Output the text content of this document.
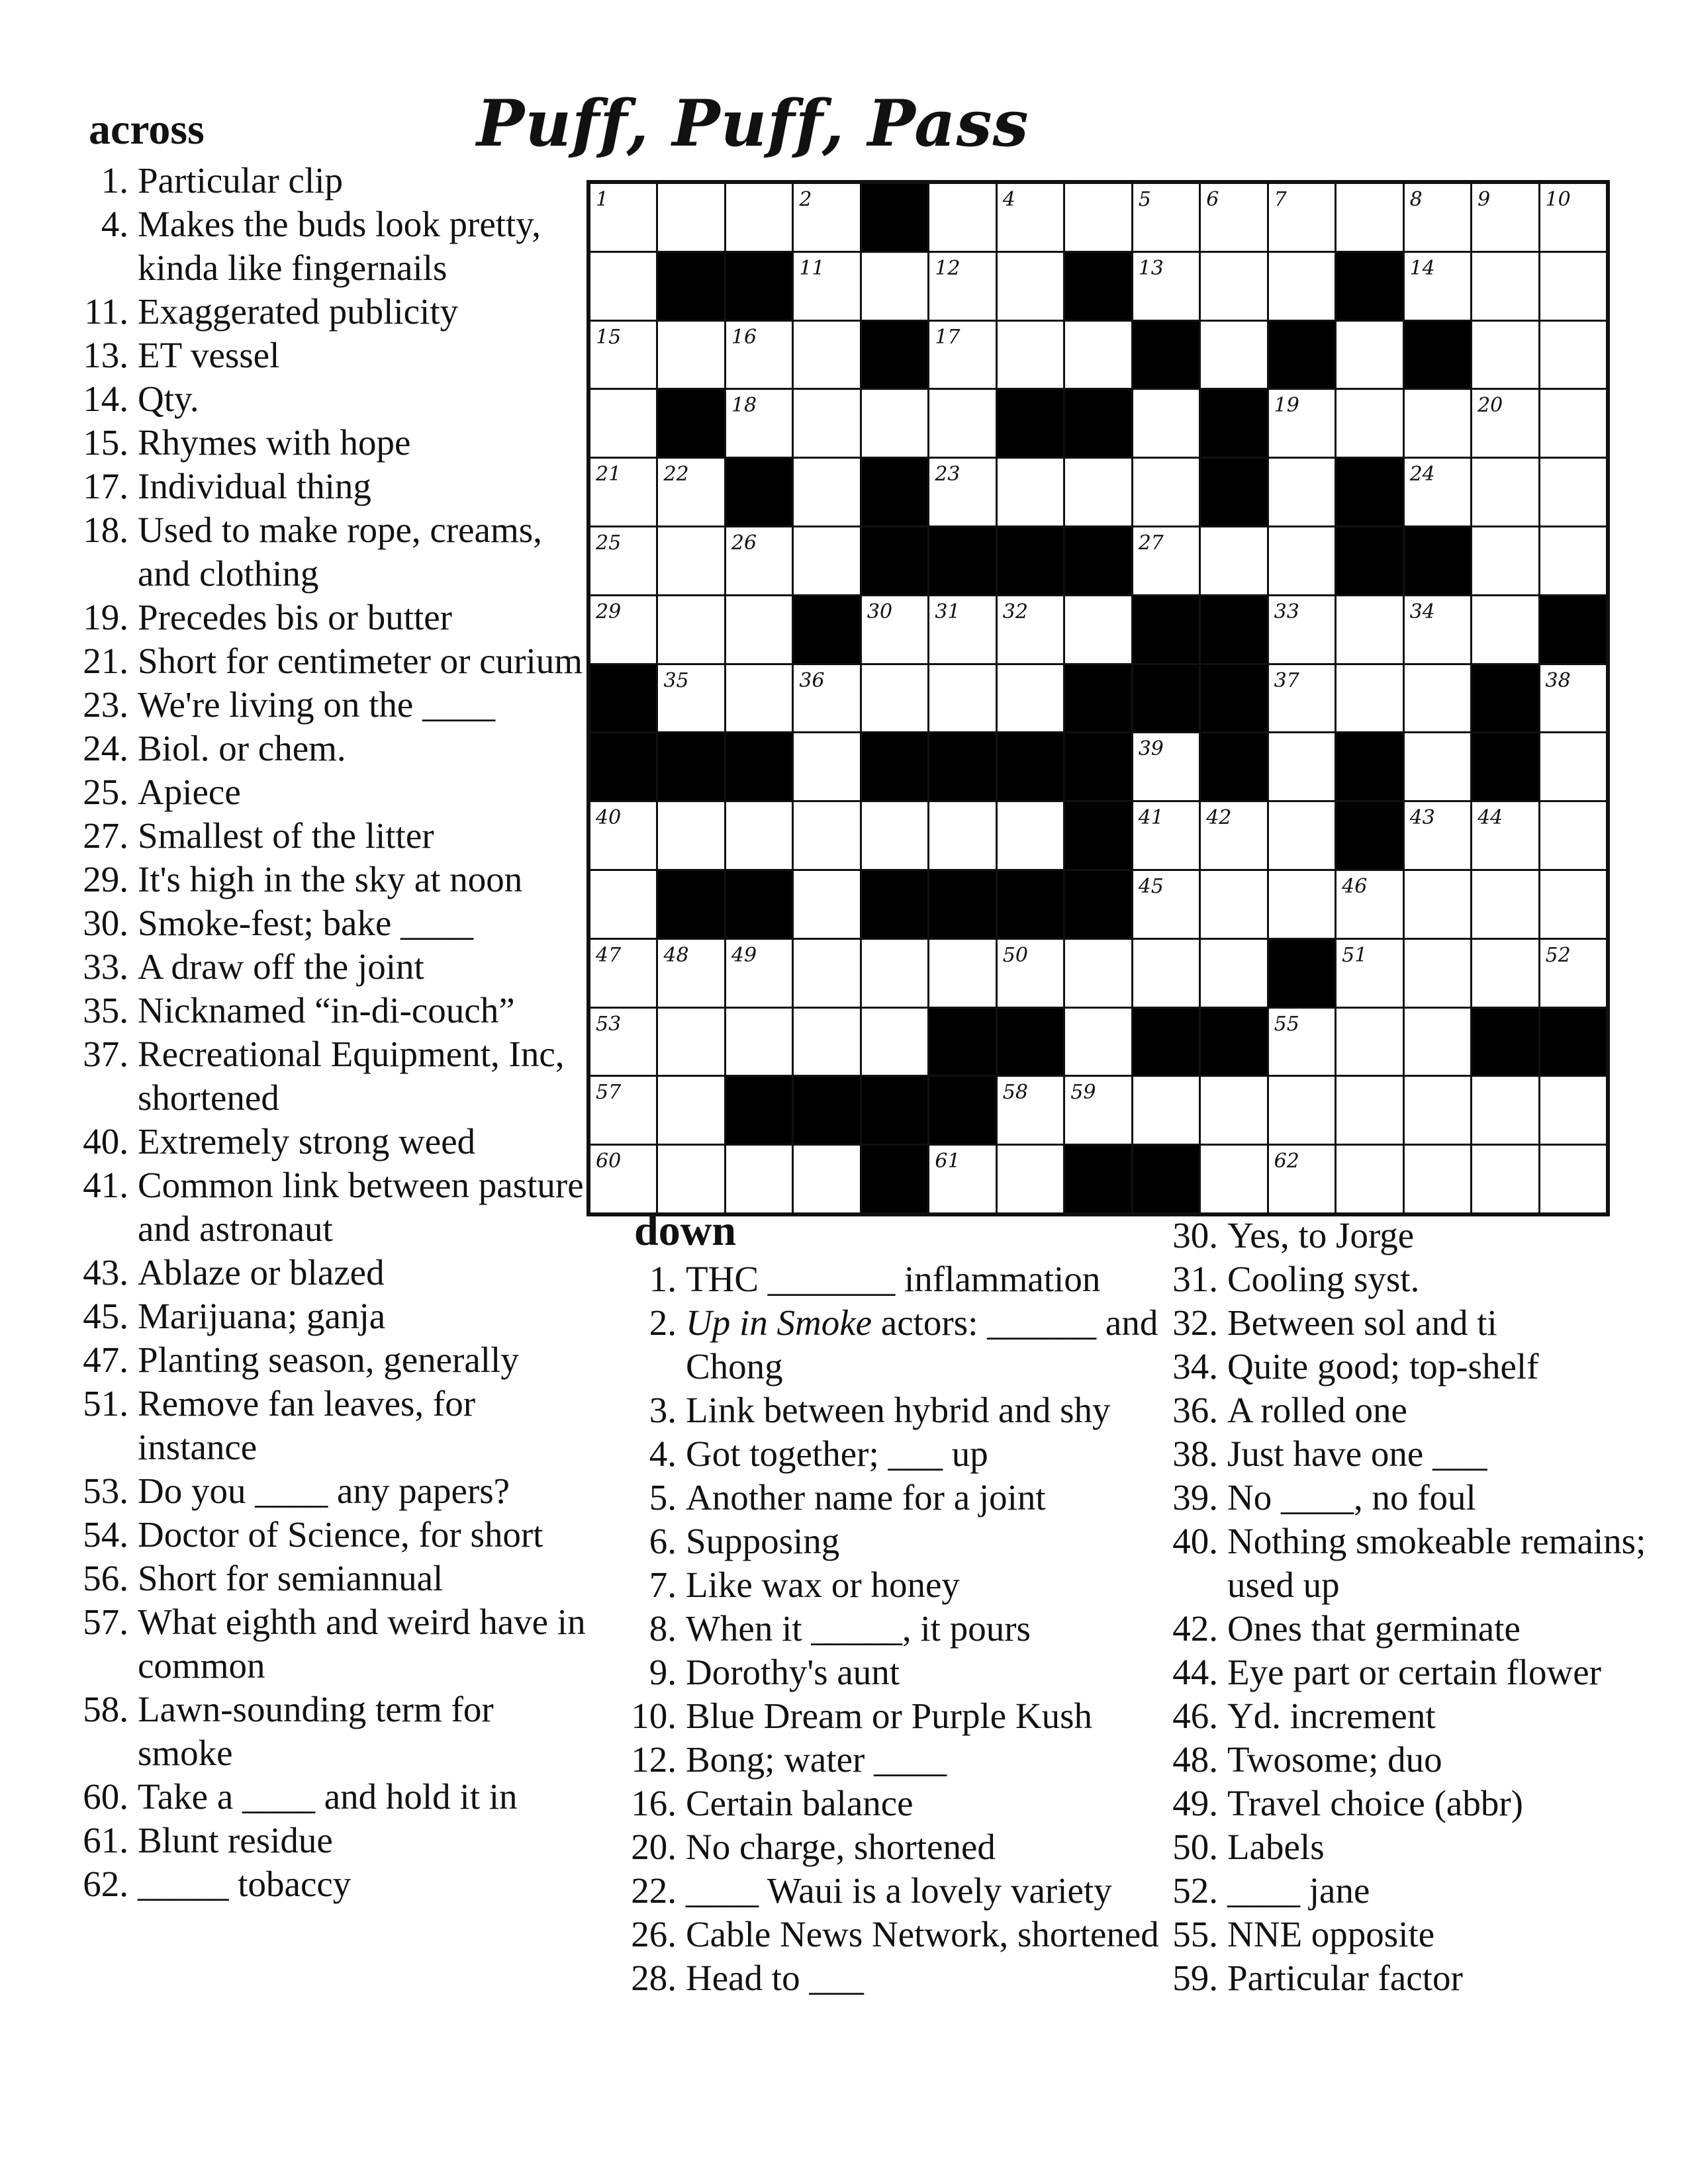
Puff, Puff, Pass
across
1. Particular clip
4. Makes the buds look pretty, kinda like fingernails
11. Exaggerated publicity
13. ET vessel
14. Qty.
15. Rhymes with hope
17. Individual thing
18. Used to make rope, creams, and clothing
19. Precedes bis or butter
21. Short for centimeter or curium
23. We're living on the ____
24. Biol. or chem.
25. Apiece
27. Smallest of the litter
29. It's high in the sky at noon
30. Smoke-fest; bake ____
33. A draw off the joint
35. Nicknamed “in-di-couch”
37. Recreational Equipment, Inc, shortened
40. Extremely strong weed
41. Common link between pasture and astronaut
43. Ablaze or blazed
45. Marijuana; ganja
47. Planting season, generally
51. Remove fan leaves, for instance
53. Do you ____ any papers?
54. Doctor of Science, for short
56. Short for semiannual
57. What eighth and weird have in common
58. Lawn-sounding term for smoke
60. Take a ____ and hold it in
61. Blunt residue
62. _____ tobaccy
1	2	4	5	6	7	8	9	10
11	12	13	14
15	16	17
18	19	20
21 22	23	24
25	26	27
29	30 31 32	33	34
35	36	37	38
39
40	41 42	43 44
45	46
47 48 49	50	51	52
53	55
57	58 59
60	61	62
down
1. THC _______ inflammation
2. Up in Smoke actors: ______ and Chong
3. Link between hybrid and shy
4. Got together; ___ up
5. Another name for a joint
6. Supposing
7. Like wax or honey
8. When it _____, it pours
9. Dorothy's aunt
10. Blue Dream or Purple Kush
12. Bong; water ____
16. Certain balance
20. No charge, shortened
22. ____ Waui is a lovely variety
26. Cable News Network, shortened
28. Head to ___
30. Yes, to Jorge
31. Cooling syst.
32. Between sol and ti
34. Quite good; top-shelf
36. A rolled one
38. Just have one ___
39. No ____, no foul
40. Nothing smokeable remains; used up
42. Ones that germinate
44. Eye part or certain flower
46. Yd. increment
48. Twosome; duo
49. Travel choice (abbr)
50. Labels
52. ____ jane
55. NNE opposite
59. Particular factor
